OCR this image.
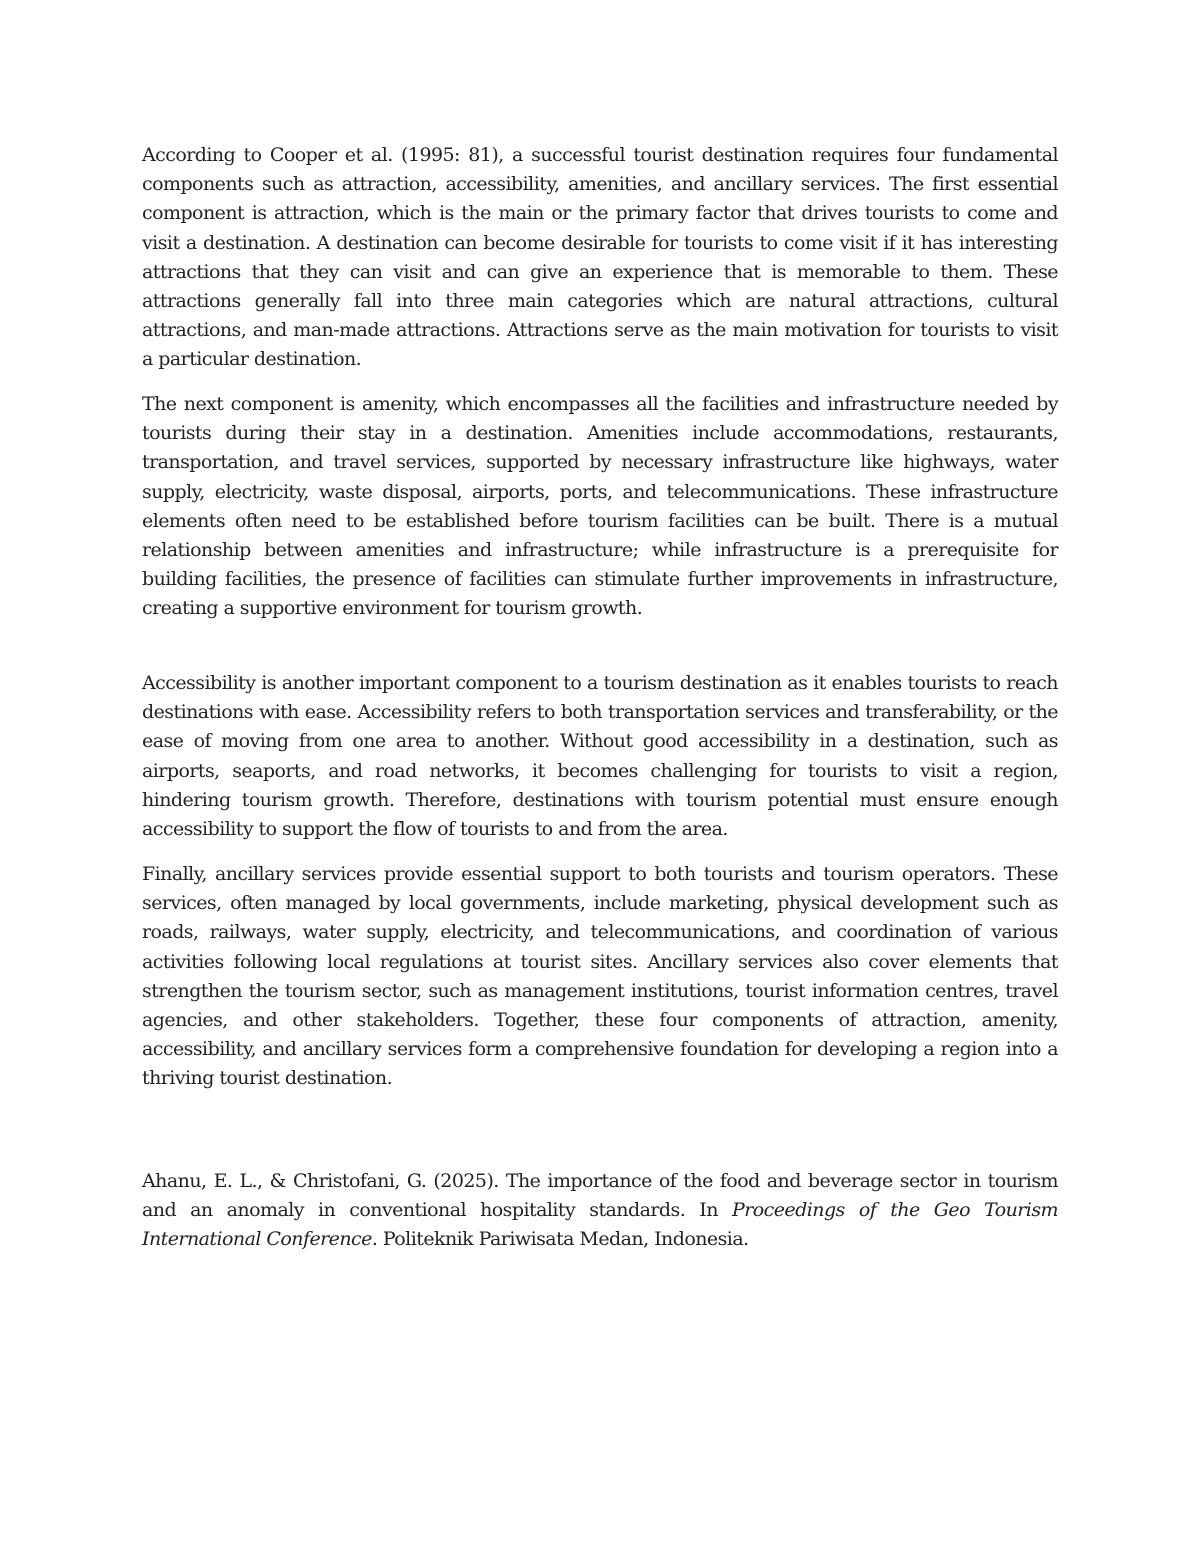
According to Cooper et al. (1995: 81), a successful tourist destination requires four fundamental components such as attraction, accessibility, amenities, and ancillary services. The first essential component is attraction, which is the main or the primary factor that drives tourists to come and visit a destination. A destination can become desirable for tourists to come visit if it has interesting attractions that they can visit and can give an experience that is memorable to them. These attractions generally fall into three main categories which are natural attractions, cultural attractions, and man-made attractions. Attractions serve as the main motivation for tourists to visit a particular destination.

The next component is amenity, which encompasses all the facilities and infrastructure needed by tourists during their stay in a destination. Amenities include accommodations, restaurants, transportation, and travel services, supported by necessary infrastructure like highways, water supply, electricity, waste disposal, airports, ports, and telecommunications. These infrastructure elements often need to be established before tourism facilities can be built. There is a mutual relationship between amenities and infrastructure; while infrastructure is a prerequisite for building facilities, the presence of facilities can stimulate further improvements in infrastructure, creating a supportive environment for tourism growth.

Accessibility is another important component to a tourism destination as it enables tourists to reach destinations with ease. Accessibility refers to both transportation services and transferability, or the ease of moving from one area to another. Without good accessibility in a destination, such as airports, seaports, and road networks, it becomes challenging for tourists to visit a region, hindering tourism growth. Therefore, destinations with tourism potential must ensure enough accessibility to support the flow of tourists to and from the area.

Finally, ancillary services provide essential support to both tourists and tourism operators. These services, often managed by local governments, include marketing, physical development such as roads, railways, water supply, electricity, and telecommunications, and coordination of various activities following local regulations at tourist sites. Ancillary services also cover elements that strengthen the tourism sector, such as management institutions, tourist information centres, travel agencies, and other stakeholders. Together, these four components of attraction, amenity, accessibility, and ancillary services form a comprehensive foundation for developing a region into a thriving tourist destination.

Ahanu, E. L., & Christofani, G. (2025). The importance of the food and beverage sector in tourism and an anomaly in conventional hospitality standards. In Proceedings of the Geo Tourism International Conference. Politeknik Pariwisata Medan, Indonesia.
